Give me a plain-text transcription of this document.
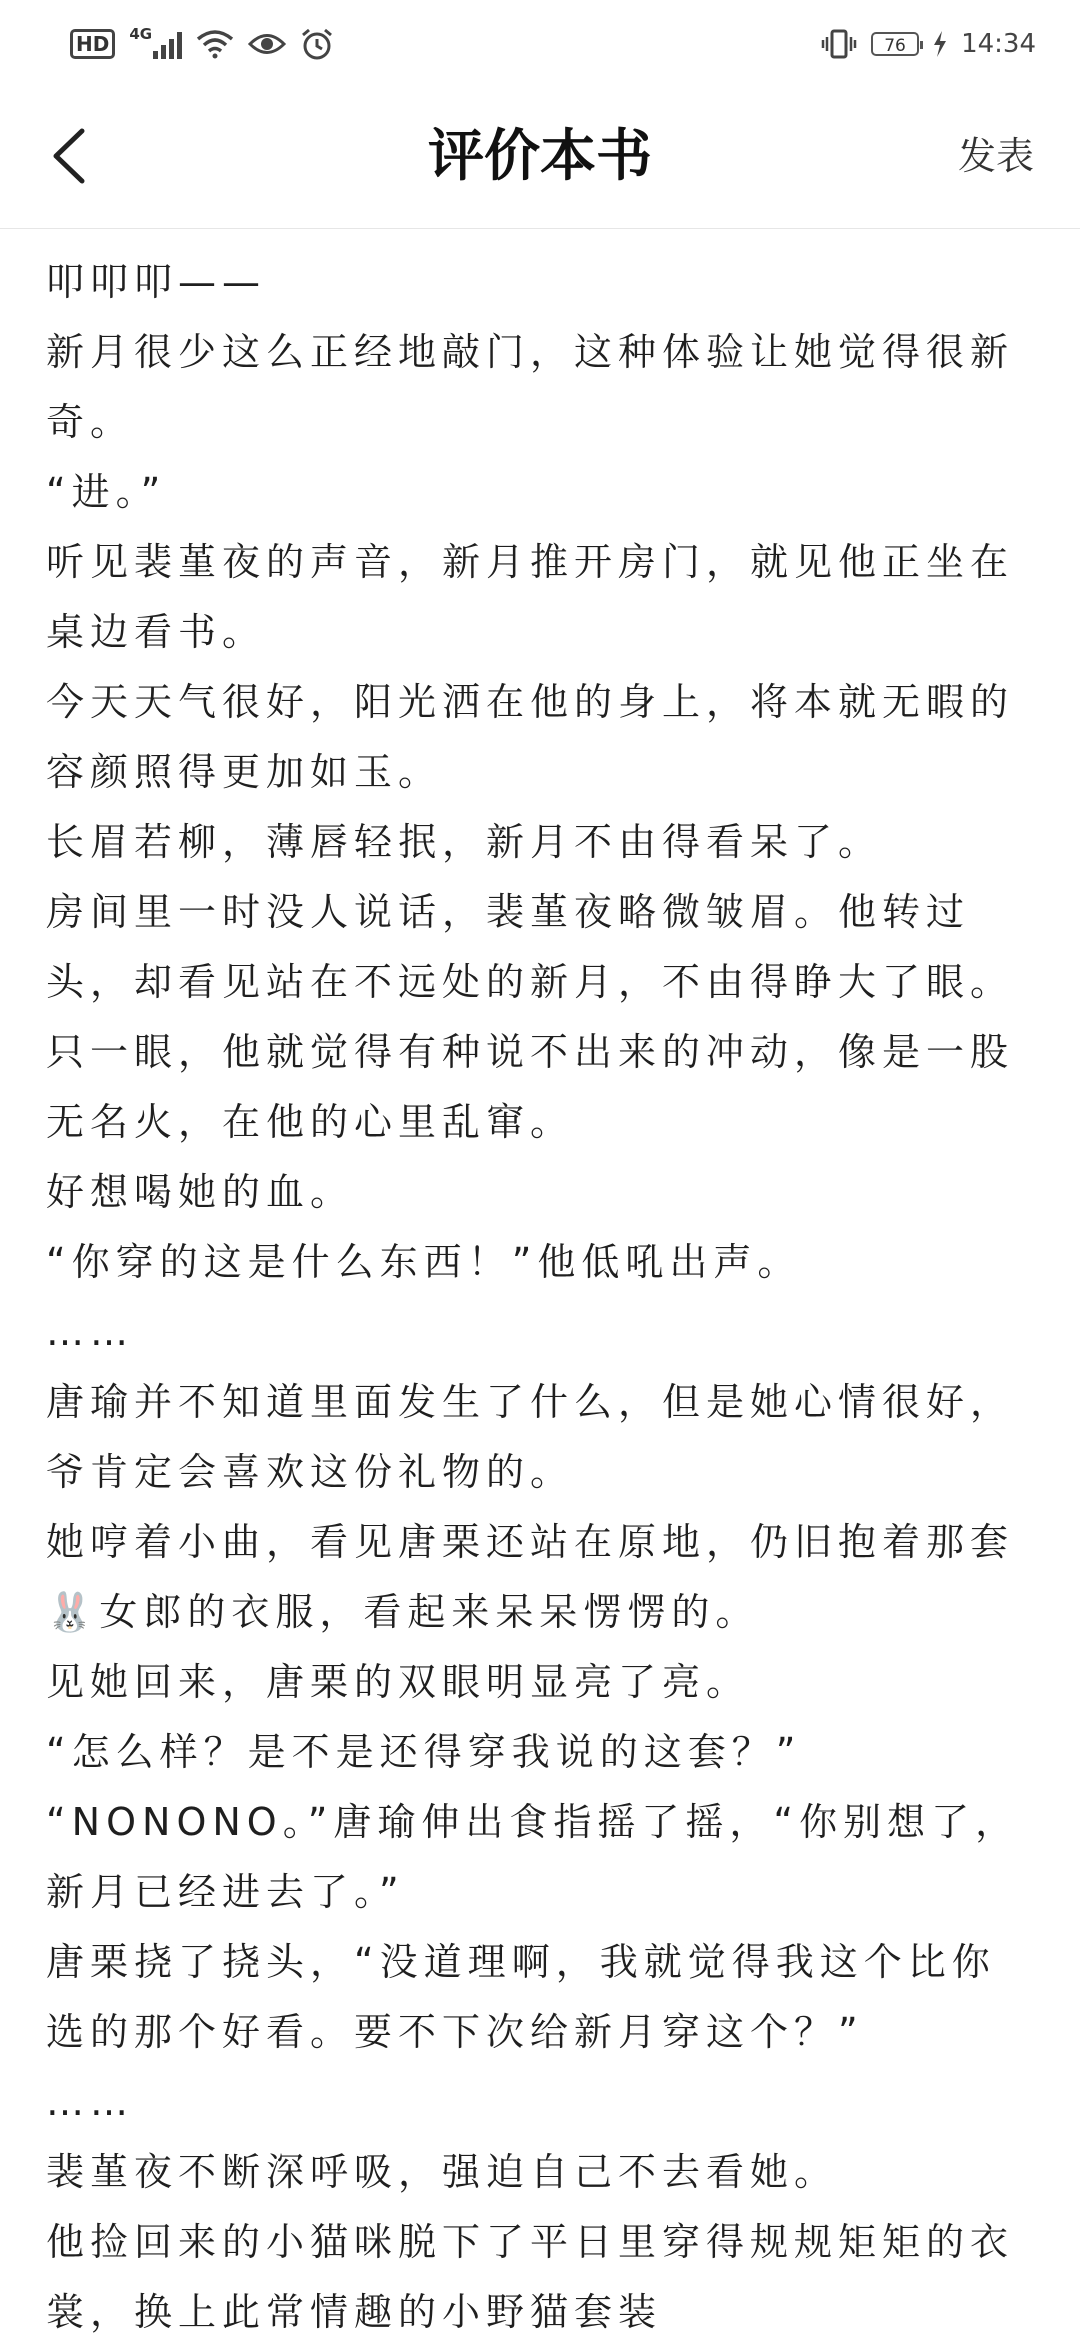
HD	4G
76	14:34
评价本书	发表

叩叩叩——

新月很少这么正经地敲门，这种体验让她觉得很新奇。

“进。”

听见裴堇夜的声音，新月推开房门，就见他正坐在桌边看书。

今天天气很好，阳光洒在他的身上，将本就无暇的容颜照得更加如玉。

长眉若柳，薄唇轻抿，新月不由得看呆了。

房间里一时没人说话，裴堇夜略微皱眉。他转过头，却看见站在不远处的新月，不由得睁大了眼。

只一眼，他就觉得有种说不出来的冲动，像是一股无名火，在他的心里乱窜。

好想喝她的血。

“你穿的这是什么东西！”他低吼出声。

……

唐瑜并不知道里面发生了什么，但是她心情很好，爷肯定会喜欢这份礼物的。

她哼着小曲，看见唐栗还站在原地，仍旧抱着那套🐰女郎的衣服，看起来呆呆愣愣的。

见她回来，唐栗的双眼明显亮了亮。

“怎么样？是不是还得穿我说的这套？”

“NONONO。”唐瑜伸出食指摇了摇，“你别想了，新月已经进去了。”

唐栗挠了挠头，“没道理啊，我就觉得我这个比你选的那个好看。要不下次给新月穿这个？”

……

裴堇夜不断深呼吸，强迫自己不去看她。

他捡回来的小猫咪脱下了平日里穿得规规矩矩的衣裳，换上此常情趣的小野猫套装
